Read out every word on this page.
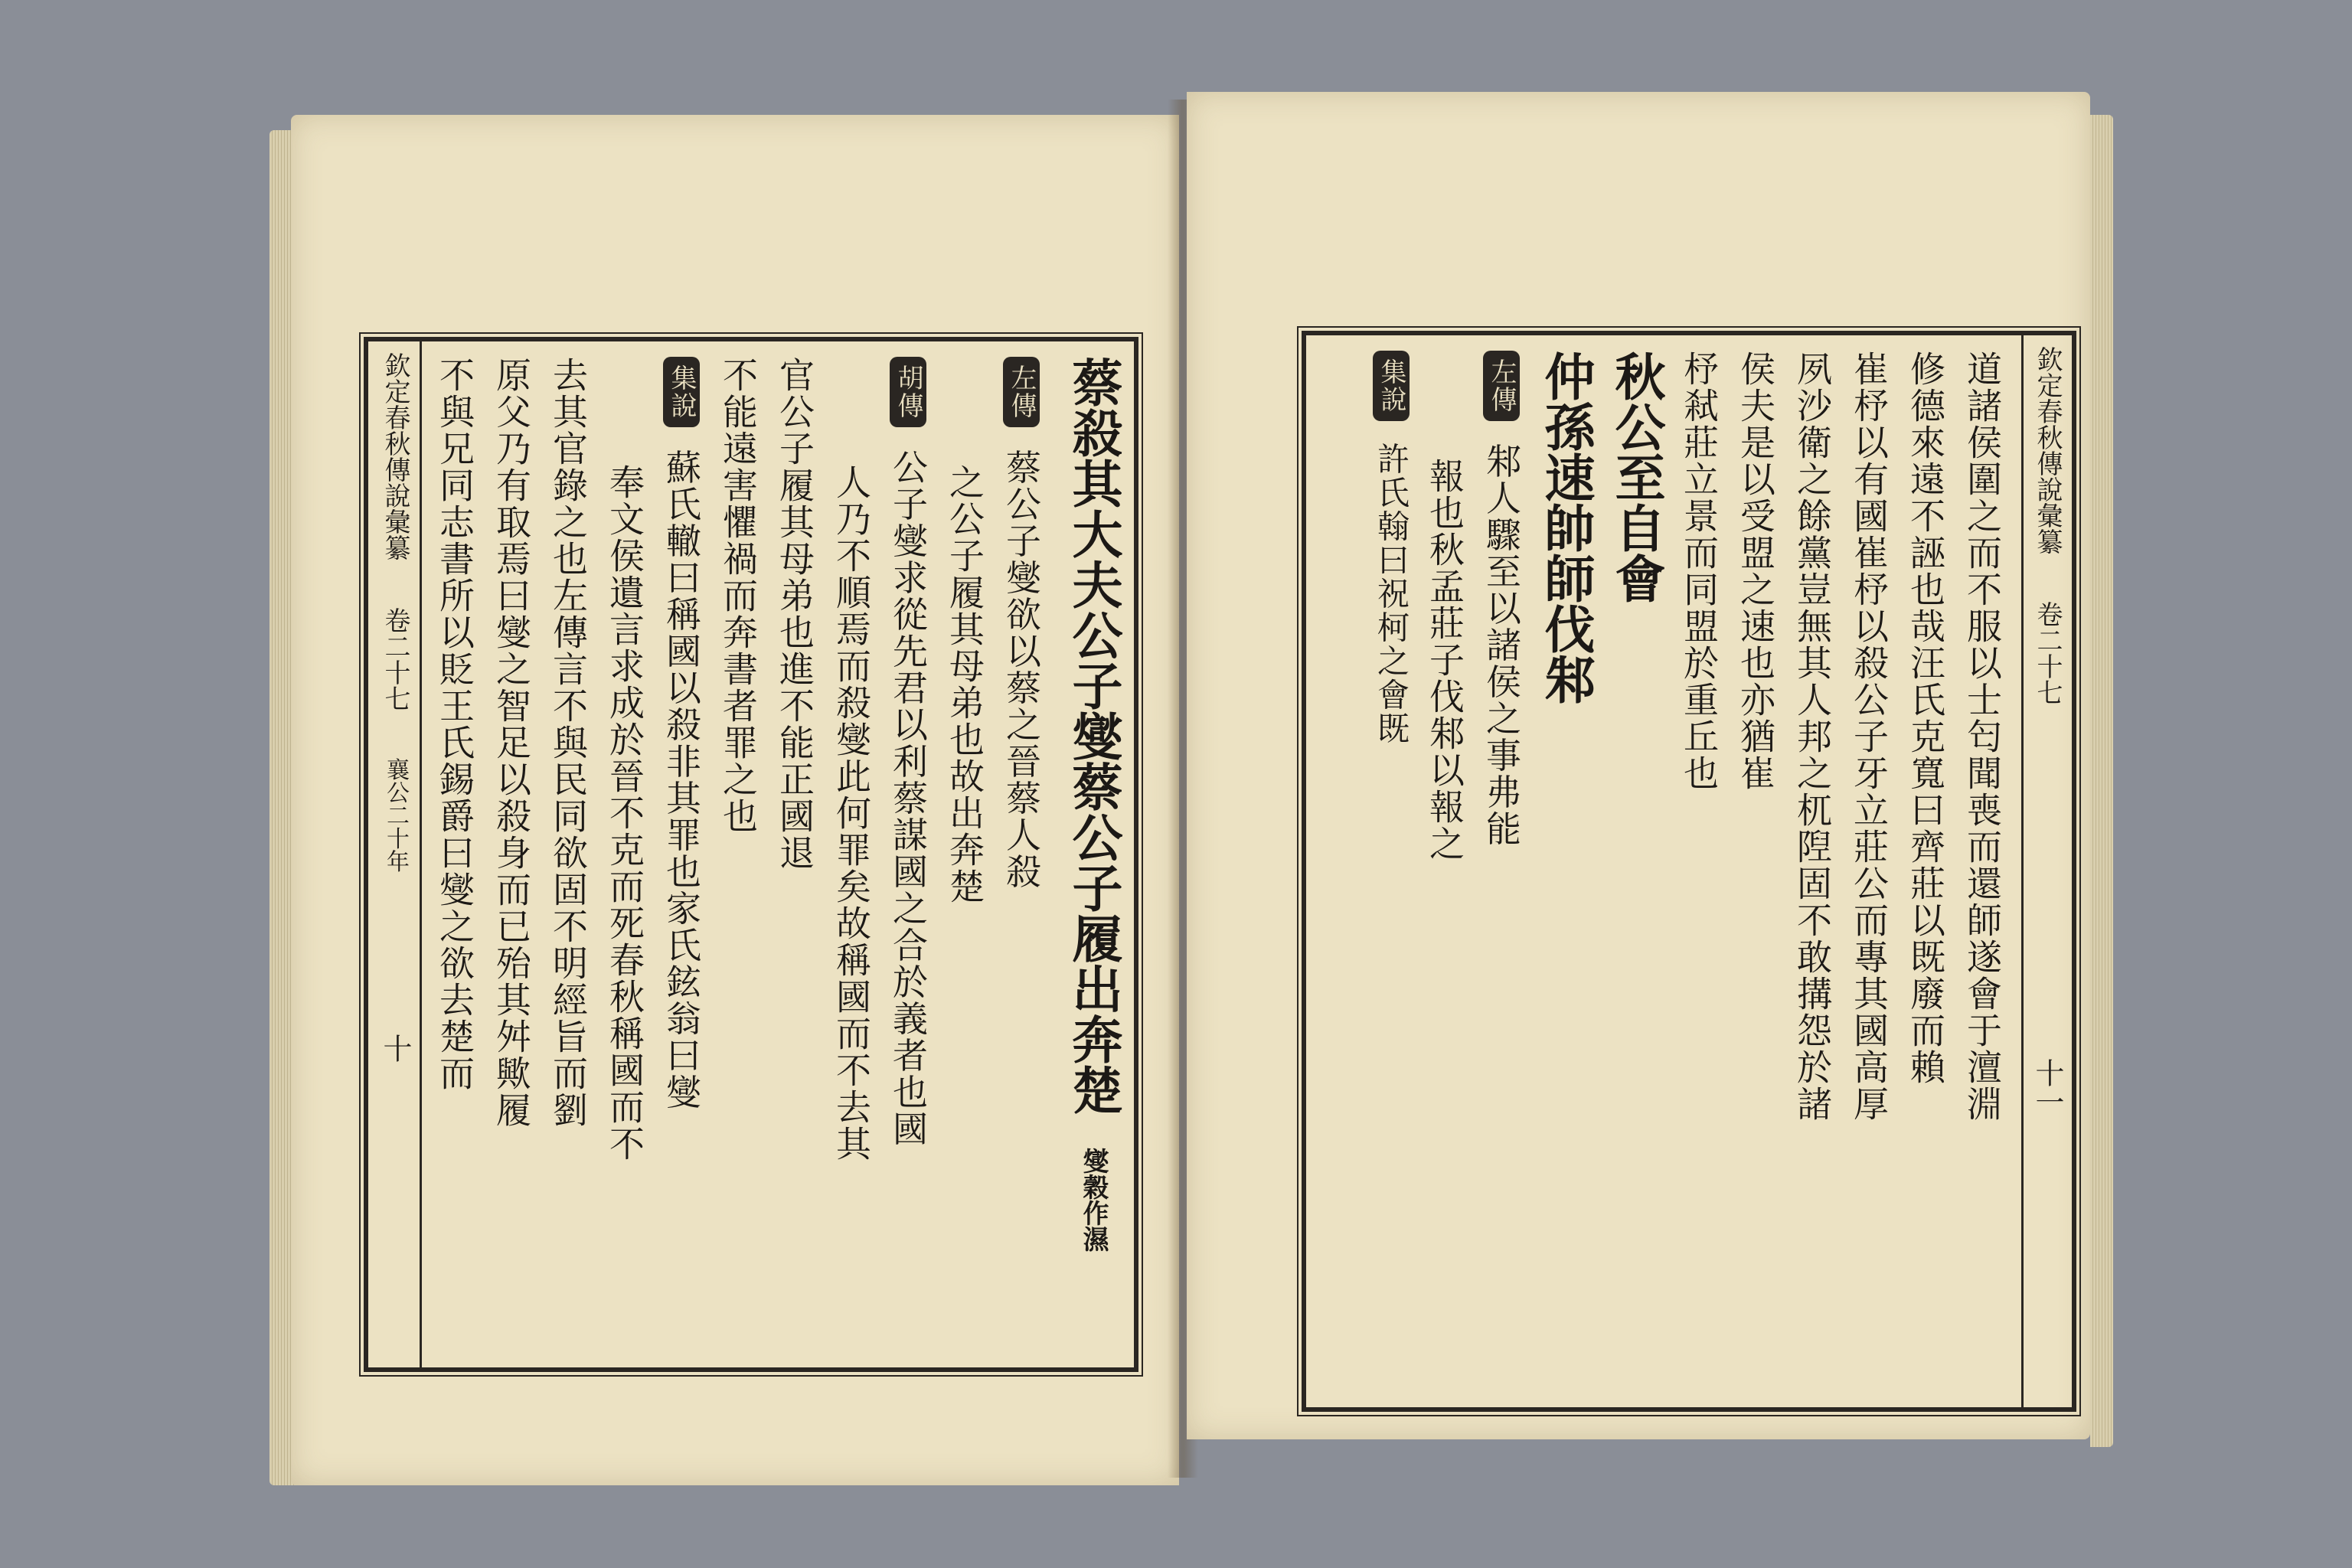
欽定春秋傳說彙纂 卷二十七 襄公二十年 十	蔡殺其大夫公子燮蔡公子履出奔楚 燮穀作濕
左傳 蔡公子燮欲以蔡之晉蔡人殺
之公子履其母弟也故出奔楚
胡傳 公子燮求從先君以利蔡謀國之合於義者也國
人乃不順焉而殺燮此何罪矣故稱國而不去其
官公子履其母弟也進不能正國退
不能遠害懼禍而奔書者罪之也
集說 蘇氏轍曰稱國以殺非其罪也家氏鉉翁曰燮
奉文侯遺言求成於晉不克而死春秋稱國而不
去其官錄之也左傳言不與民同欲固不明經旨而劉
原父乃有取焉曰燮之智足以殺身而已殆其舛歟履
不與兄同志書所以貶王氏錫爵曰燮之欲去楚而	欽定春秋傳說彙纂 卷二十七 十一
道諸侯圍之而不服以士匄聞喪而還師遂會于澶淵
修德來遠不誣也哉汪氏克寬曰齊莊以既廢而賴
崔杼以有國崔杼以殺公子牙立莊公而專其國高厚
夙沙衛之餘黨豈無其人邦之杌隉固不敢搆怨於諸
侯夫是以受盟之速也亦猶崔
杼弒莊立景而同盟於重丘也
秋公至自會
仲孫速帥師伐邾
左傳 邾人驟至以諸侯之事弗能
報也秋孟莊子伐邾以報之
集說 許氏翰曰祝柯之會既
